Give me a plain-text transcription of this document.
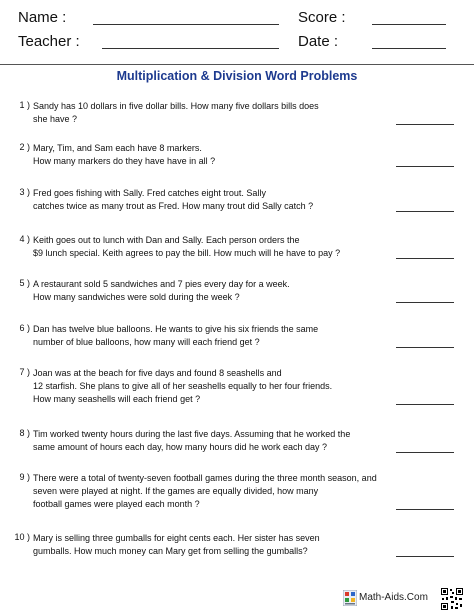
Name :	Score :
Teacher :	Date :
Multiplication & Division Word Problems
1 ) Sandy has 10 dollars in five dollar bills. How many five dollars bills does
she have ?
2 ) Mary, Tim, and Sam each have 8 markers.
How many markers do they have have in all ?
3 ) Fred goes fishing with Sally. Fred catches eight trout. Sally
catches twice as many trout as Fred. How many trout did Sally catch ?
4 ) Keith goes out to lunch with Dan and Sally. Each person orders the
$9 lunch special. Keith agrees to pay the bill. How much will he have to pay ?
5 ) A restaurant sold 5 sandwiches and 7 pies every day for a week.
How many sandwiches were sold during the week ?
6 ) Dan has twelve blue balloons. He wants to give his six friends the same
number of blue balloons, how many will each friend get ?
7 ) Joan was at the beach for five days and found 8 seashells and
12 starfish. She plans to give all of her seashells equally to her four friends.
How many seashells will each friend get ?
8 ) Tim worked twenty hours during the last five days. Assuming that he worked the
same amount of hours each day, how many hours did he work each day ?
9 ) There were a total of twenty-seven football games during the three month season, and
seven were played at night. If the games are equally divided, how many
football games were played each month ?
10 ) Mary is selling three gumballs for eight cents each. Her sister has seven
gumballs. How much money can Mary get from selling the gumballs?
Math-Aids.Com
